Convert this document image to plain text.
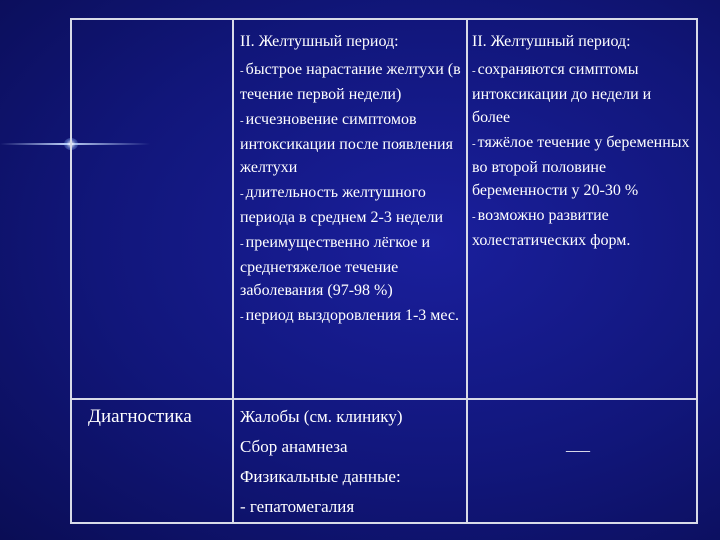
II. Желтушный период:

- быстрое нарастание желтухи (в течение первой недели)

- исчезновение симптомов интоксикации после появления желтухи

- длительность желтушного периода в среднем 2-3 недели

- преимущественно лёгкое и среднетяжелое течение заболевания (97-98 %)

- период выздоровления 1-3 мес.

II. Желтушный период:

- сохраняются симптомы интоксикации до недели и более

- тяжёлое течение у беременных во второй половине беременности у 20-30 %

- возможно развитие холестатических форм.

Диагностика	Жалобы (см. клинику)

Сбор анамнеза

Физикальные данные:

- гепатомегалия

___
